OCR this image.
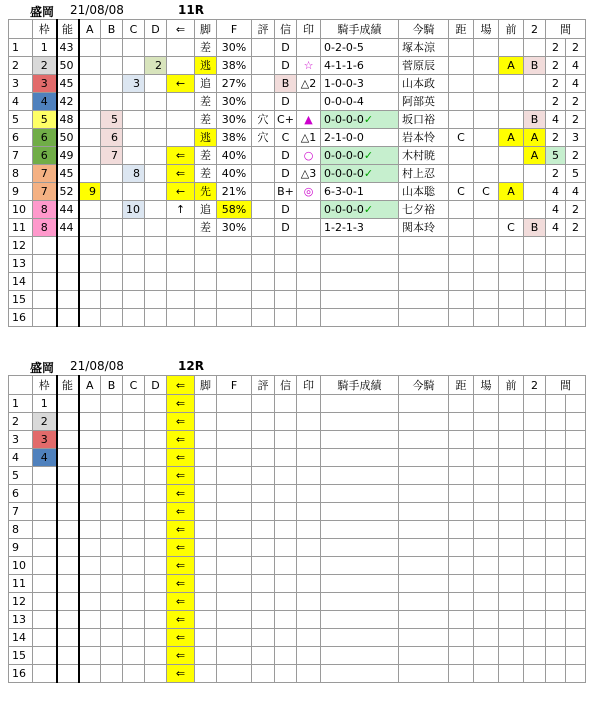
盛岡 21/08/08	11R
	枠	能	A	B	C	D	⇐	脚	F	評	信	印	騎手成績	今騎	距	場	前	2	間	
1	1	43						差	30%		D		0-2-0-5	塚本涼					2	2
2	2	50				2		逃	38%		D	☆	4-1-1-6	菅原辰			A	B	2	4
3	3	45			3		←	追	27%		B	△2	1-0-0-3	山本政					2	4
4	4	42						差	30%		D		0-0-0-4	阿部英					2	2
5	5	48		5				差	30%	穴	C+	▲	0-0-0-0✓	坂口裕				B	4	2
6	6	50		6				逃	38%	穴	C	△1	2-1-0-0	岩本怜	C		A	A	2	3
7	6	49		7			⇐	差	40%		D	○	0-0-0-0✓	木村暁				A	5	2
8	7	45			8		⇐	差	40%		D	△3	0-0-0-0✓	村上忍					2	5
9	7	52	9				←	先	21%		B+	◎	6-3-0-1	山本聡	C	C	A		4	4
10	8	44			10		↑	追	58%		D		0-0-0-0✓	七夕裕					4	2
11	8	44						差	30%		D		1-2-1-3	関本玲			C	B	4	2
12																				
13																				
14																				
15																				
16																				
盛岡 21/08/08	12R
	枠	能	A	B	C	D	⇐	脚	F	評	信	印	騎手成績	今騎	距	場	前	2	間	
1	1						⇐													
2	2						⇐													
3	3						⇐													
4	4						⇐													
5							⇐													
6							⇐													
7							⇐													
8							⇐													
9							⇐													
10							⇐													
11							⇐													
12							⇐													
13							⇐													
14							⇐													
15							⇐													
16							⇐													
